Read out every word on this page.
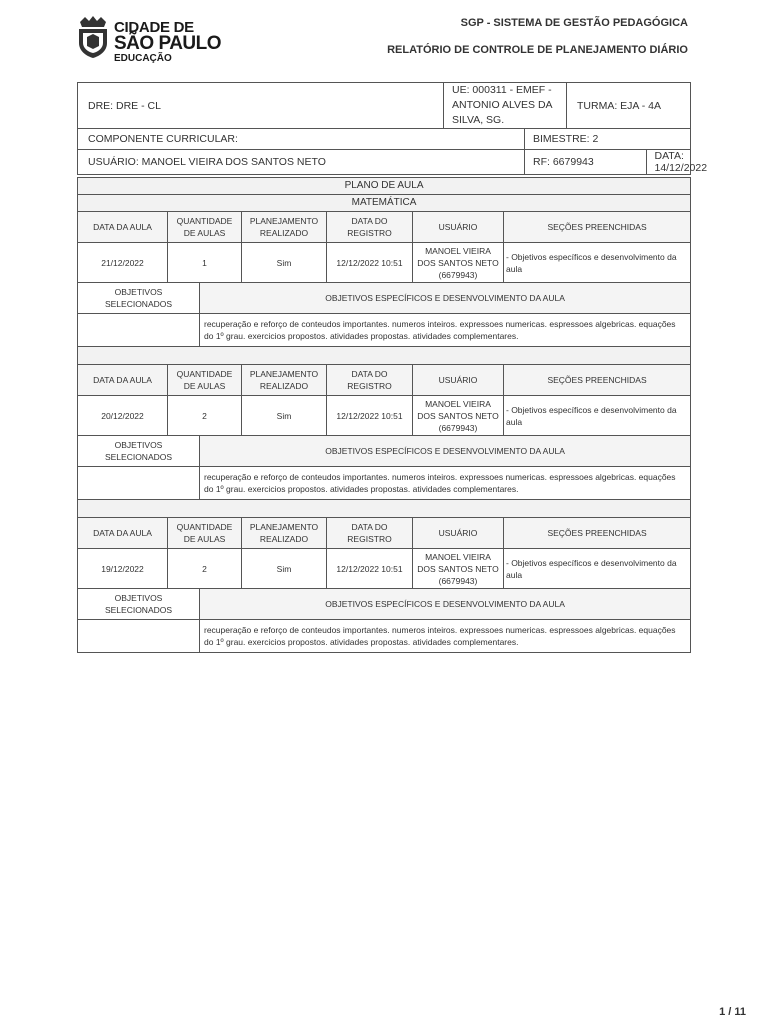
CIDADE DE
SÃO PAULO
EDUCAÇÃO
SGP - SISTEMA DE GESTÃO PEDAGÓGICA
RELATÓRIO DE CONTROLE DE PLANEJAMENTO DIÁRIO
DRE: DRE - CL	UE: 000311 - EMEF - ANTONIO ALVES DA SILVA, SG.	TURMA: EJA - 4A
COMPONENTE CURRICULAR:	BIMESTRE: 2
USUÁRIO: MANOEL VIEIRA DOS SANTOS NETO		RF: 6679943	DATA: 14/12/2022
PLANO DE AULA						
MATEMÁTICA						
DATA DA AULA	QUANTIDADE DE AULAS		PLANEJAMENTO REALIZADO	DATA DO REGISTRO	USUÁRIO	SEÇÕES PREENCHIDAS
21/12/2022	1		Sim	12/12/2022 10:51	MANOEL VIEIRA DOS SANTOS NETO (6679943)	- Objetivos específicos e desenvolvimento da aula
OBJETIVOS SELECIONADOS		OBJETIVOS ESPECÍFICOS E DESENVOLVIMENTO DA AULA				
		recuperação e reforço de conteudos importantes. numeros inteiros. expressoes numericas. espressoes algebricas. equações do 1º grau. exercicios propostos. atividades propostas. atividades complementares.				

DATA DA AULA	QUANTIDADE DE AULAS		PLANEJAMENTO REALIZADO	DATA DO REGISTRO	USUÁRIO	SEÇÕES PREENCHIDAS
20/12/2022	2		Sim	12/12/2022 10:51	MANOEL VIEIRA DOS SANTOS NETO (6679943)	- Objetivos específicos e desenvolvimento da aula
OBJETIVOS SELECIONADOS		OBJETIVOS ESPECÍFICOS E DESENVOLVIMENTO DA AULA				
		recuperação e reforço de conteudos importantes. numeros inteiros. expressoes numericas. espressoes algebricas. equações do 1º grau. exercicios propostos. atividades propostas. atividades complementares.				

DATA DA AULA	QUANTIDADE DE AULAS		PLANEJAMENTO REALIZADO	DATA DO REGISTRO	USUÁRIO	SEÇÕES PREENCHIDAS
19/12/2022	2		Sim	12/12/2022 10:51	MANOEL VIEIRA DOS SANTOS NETO (6679943)	- Objetivos específicos e desenvolvimento da aula
OBJETIVOS SELECIONADOS		OBJETIVOS ESPECÍFICOS E DESENVOLVIMENTO DA AULA				
		recuperação e reforço de conteudos importantes. numeros inteiros. expressoes numericas. espressoes algebricas. equações do 1º grau. exercicios propostos. atividades propostas. atividades complementares.				
1 / 11
